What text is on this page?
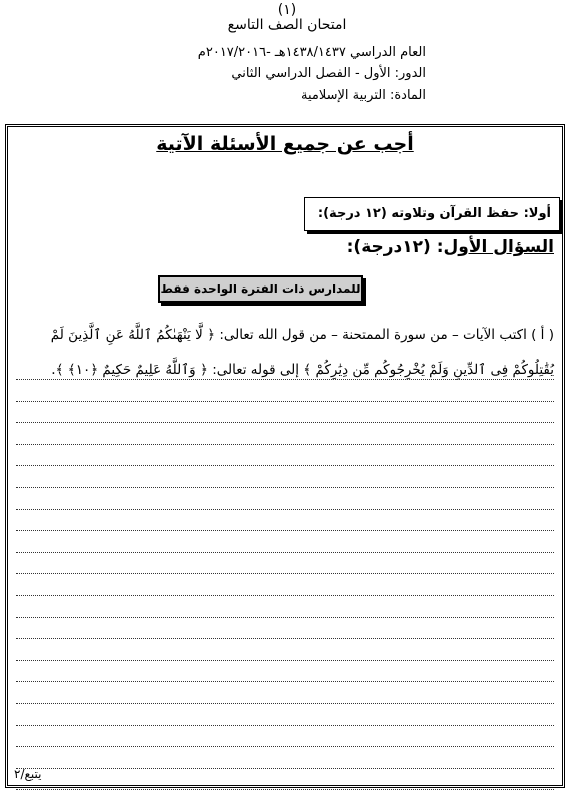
(١)
امتحان الصف التاسع
العام الدراسي ١٤٣٨/١٤٣٧هـ -٢٠١٧/٢٠١٦م
الدور: الأول - الفصل الدراسي الثاني
المادة: التربية الإسلامية
أجب عن جميع الأسئلة الآتية
أولا: حفظ القرآن وتلاوته (١٢ درجة):
السؤال الأول: (١٢درجة):
للمدارس ذات الفترة الواحدة فقط
( أ ) اكتب الآيات – من سورة الممتحنة – من قول الله تعالى: ﴿ لَّا يَنْهَىٰكُمُ ٱللَّهُ عَنِ ٱلَّذِينَ لَمْ
يُقَٰتِلُوكُمْ فِى ٱلدِّينِ وَلَمْ يُخْرِجُوكُم مِّن دِيَٰرِكُمْ ﴾ إلى قوله تعالى: ﴿ وَٱللَّهُ عَلِيمٌ حَكِيمٌ ﴿١٠﴾ ﴾.
يتبع/٢
